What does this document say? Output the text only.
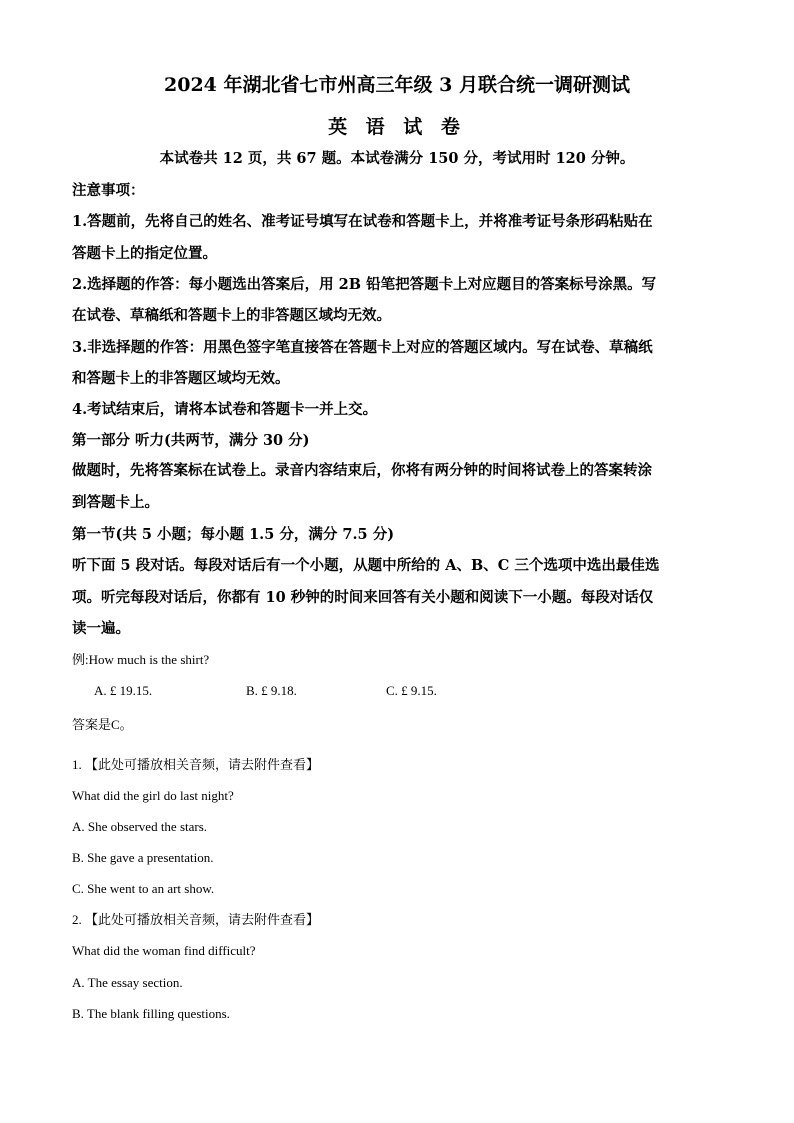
2024 年湖北省七市州高三年级 3 月联合统一调研测试
英 语 试 卷
本试卷共 12 页，共 67 题。本试卷满分 150 分，考试用时 120 分钟。
注意事项：
1.答题前，先将自己的姓名、准考证号填写在试卷和答题卡上，并将准考证号条形码粘贴在
答题卡上的指定位置。
2.选择题的作答：每小题选出答案后，用 2B 铅笔把答题卡上对应题目的答案标号涂黑。写
在试卷、草稿纸和答题卡上的非答题区域均无效。
3.非选择题的作答：用黑色签字笔直接答在答题卡上对应的答题区域内。写在试卷、草稿纸
和答题卡上的非答题区域均无效。
4.考试结束后，请将本试卷和答题卡一并上交。
第一部分 听力(共两节，满分 30 分)
做题时，先将答案标在试卷上。录音内容结束后，你将有两分钟的时间将试卷上的答案转涂
到答题卡上。
第一节(共 5 小题；每小题 1.5 分，满分 7.5 分)
听下面 5 段对话。每段对话后有一个小题，从题中所给的 A、B、C 三个选项中选出最佳选
项。听完每段对话后，你都有 10 秒钟的时间来回答有关小题和阅读下一小题。每段对话仅
读一遍。
例:How much is the shirt?
A. £ 19.15.	B. £ 9.18.	C. £ 9.15.
答案是C。
1. 【此处可播放相关音频，请去附件查看】
What did the girl do last night?
A. She observed the stars.
B. She gave a presentation.
C. She went to an art show.
2. 【此处可播放相关音频，请去附件查看】
What did the woman find difficult?
A. The essay section.
B. The blank filling questions.
